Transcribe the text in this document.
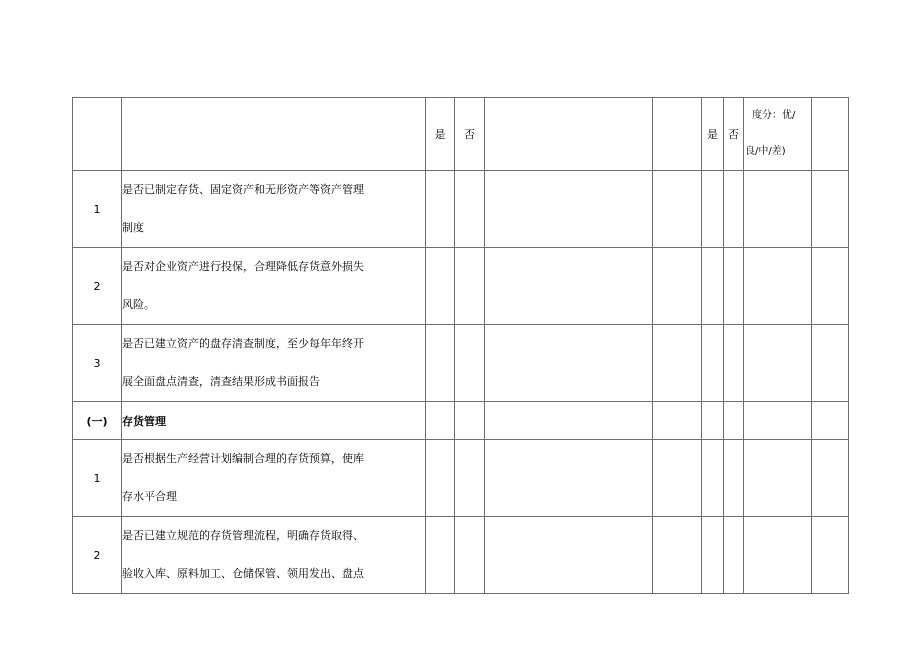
		是	否			是	否	度分：优/
良/中/差)	

1	是否已制定存货、固定资产和无形资产等资产管理
制度								

2	是否对企业资产进行投保，合理降低存货意外损失
风险。								

3	是否已建立资产的盘存清查制度，至少每年年终开
展全面盘点清查，清查结果形成书面报告								

(一)	存货管理								
1	是否根据生产经营计划编制合理的存货预算，使库
存水平合理								

2	是否已建立规范的存货管理流程，明确存货取得、
验收入库、原料加工、仓储保管、领用发出、盘点								
